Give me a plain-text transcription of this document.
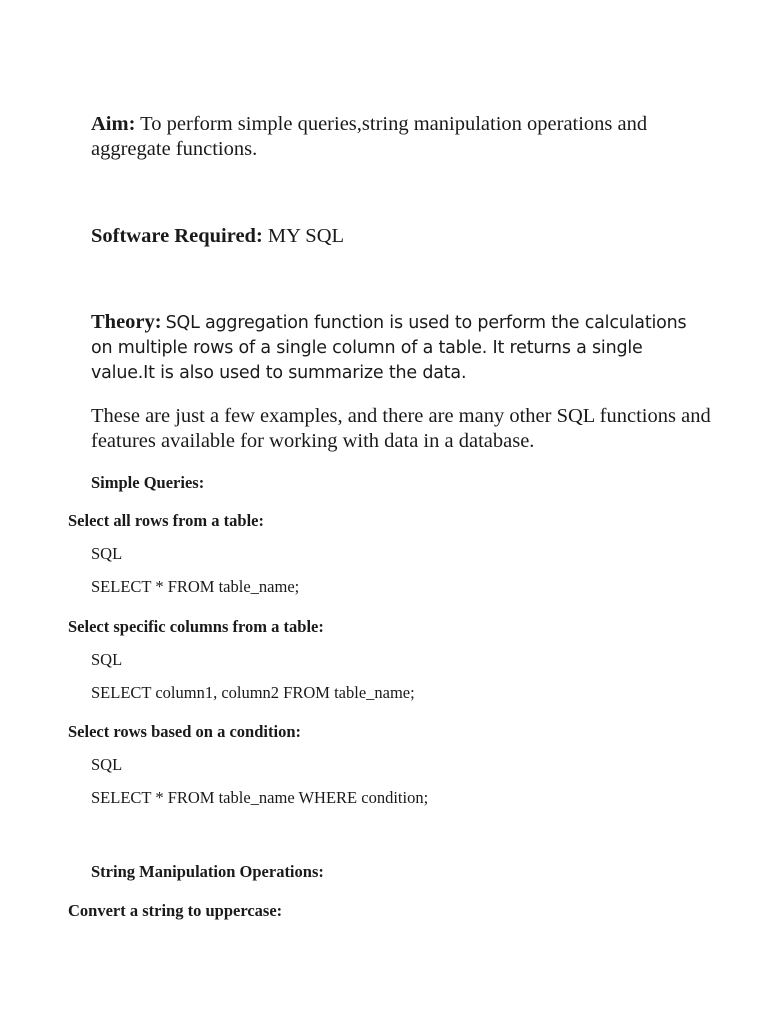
Aim: To perform simple queries,string manipulation operations and aggregate functions.

Software Required: MY SQL

Theory: SQL aggregation function is used to perform the calculations on multiple rows of a single column of a table. It returns a single value.It is also used to summarize the data.

These are just a few examples, and there are many other SQL functions and features available for working with data in a database.

Simple Queries:

Select all rows from a table:

SQL

SELECT * FROM table_name;

Select specific columns from a table:

SQL

SELECT column1, column2 FROM table_name;

Select rows based on a condition:

SQL

SELECT * FROM table_name WHERE condition;

String Manipulation Operations:

Convert a string to uppercase:
